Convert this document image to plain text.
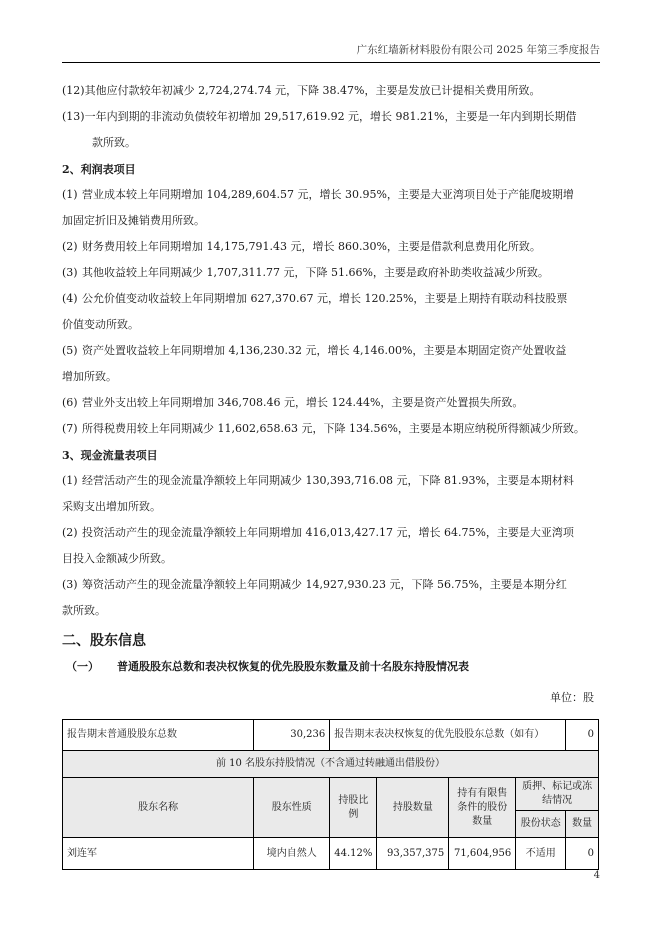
广东红墙新材料股份有限公司 2025 年第三季度报告
(12)其他应付款较年初减少 2,724,274.74 元，下降 38.47%，主要是发放已计提相关费用所致。
(13)一年内到期的非流动负债较年初增加 29,517,619.92 元，增长 981.21%，主要是一年内到期长期借
款所致。
2、利润表项目
(1) 营业成本较上年同期增加 104,289,604.57 元，增长 30.95%，主要是大亚湾项目处于产能爬坡期增
加固定折旧及摊销费用所致。
(2) 财务费用较上年同期增加 14,175,791.43 元，增长 860.30%，主要是借款利息费用化所致。
(3) 其他收益较上年同期减少 1,707,311.77 元，下降 51.66%，主要是政府补助类收益减少所致。
(4) 公允价值变动收益较上年同期增加 627,370.67 元，增长 120.25%，主要是上期持有联动科技股票
价值变动所致。
(5) 资产处置收益较上年同期增加 4,136,230.32 元，增长 4,146.00%，主要是本期固定资产处置收益
增加所致。
(6) 营业外支出较上年同期增加 346,708.46 元，增长 124.44%，主要是资产处置损失所致。
(7) 所得税费用较上年同期减少 11,602,658.63 元，下降 134.56%，主要是本期应纳税所得额减少所致。
3、现金流量表项目
(1) 经营活动产生的现金流量净额较上年同期减少 130,393,716.08 元，下降 81.93%，主要是本期材料
采购支出增加所致。
(2) 投资活动产生的现金流量净额较上年同期增加 416,013,427.17 元，增长 64.75%，主要是大亚湾项
目投入金额减少所致。
(3) 筹资活动产生的现金流量净额较上年同期减少 14,927,930.23 元，下降 56.75%，主要是本期分红
款所致。
二、股东信息
（一） 普通股股东总数和表决权恢复的优先股股东数量及前十名股东持股情况表
单位：股
报告期末普通股股东总数	30,236	报告期末表决权恢复的优先股股东总数（如有）				0
前 10 名股东持股情况（不含通过转融通出借股份）						
股东名称	股东性质	持股比例	持股数量	持有有限售条件的股份数量	质押、标记或冻结情况	
					股份状态	数量
刘连军	境内自然人	44.12%	93,357,375	71,604,956	不适用	0
4
